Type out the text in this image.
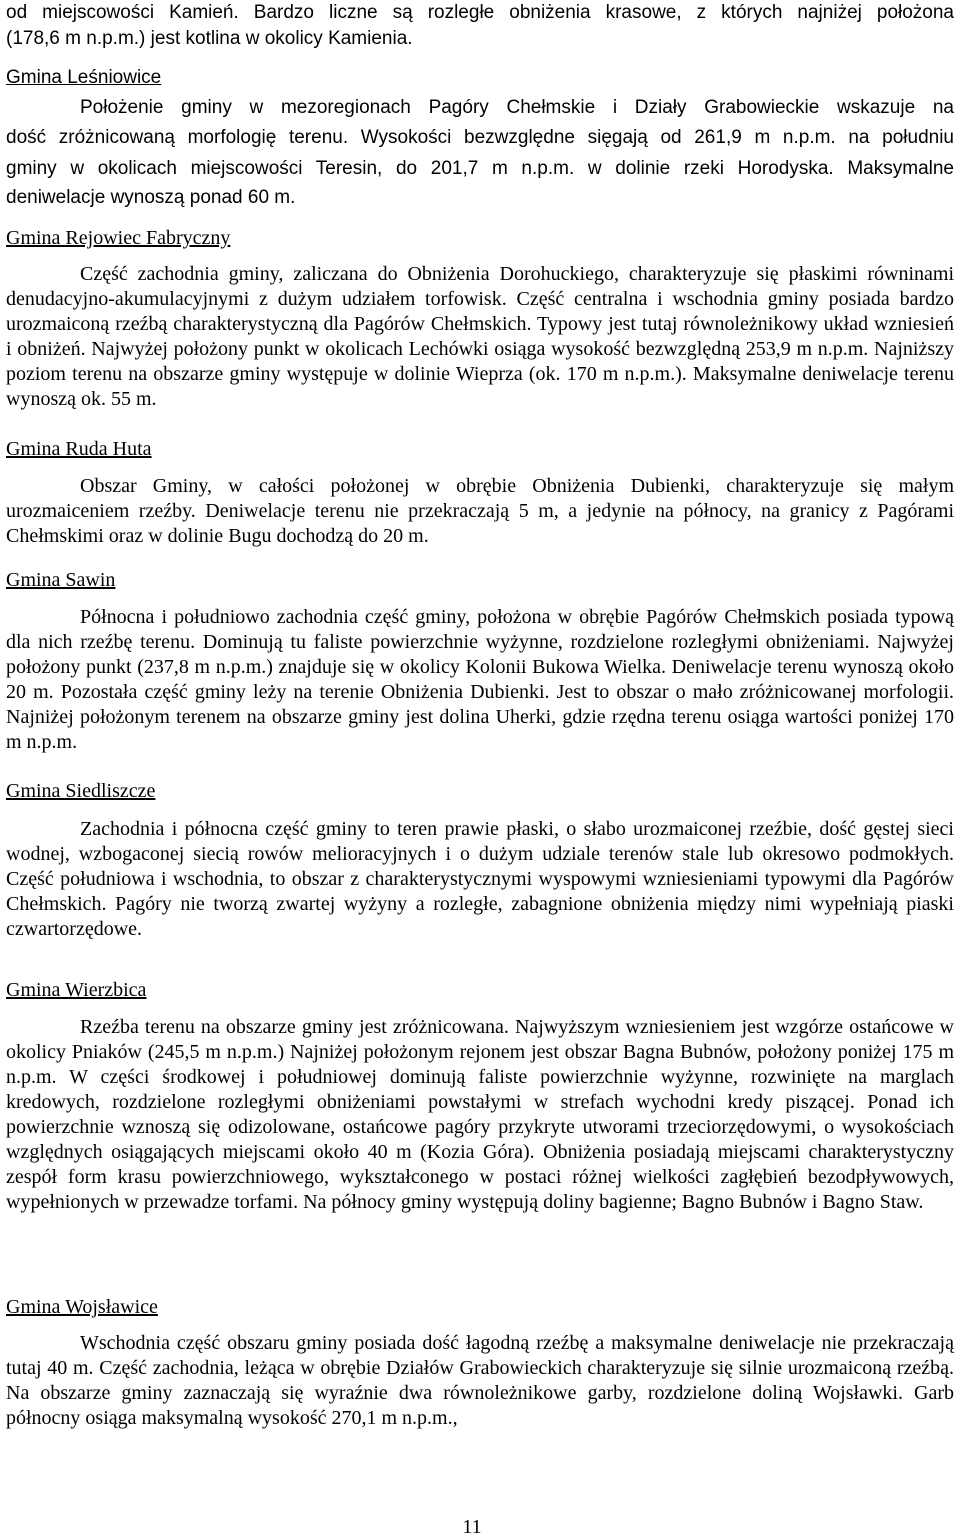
od miejscowości Kamień. Bardzo liczne są rozległe obniżenia krasowe, z których najniżej położona

(178,6 m n.p.m.) jest kotlina w okolicy Kamienia.

Gmina Leśniowice

Położenie gminy w mezoregionach Pagóry Chełmskie i Działy Grabowieckie wskazuje na

dość zróżnicowaną morfologię terenu. Wysokości bezwzględne sięgają od 261,9 m n.p.m. na południu

gminy w okolicach miejscowości Teresin, do 201,7 m n.p.m. w dolinie rzeki Horodyska. Maksymalne

deniwelacje wynoszą ponad 60 m.

Gmina Rejowiec Fabryczny

Część zachodnia gminy, zaliczana do Obniżenia Dorohuckiego, charakteryzuje się płaskimi równinami denudacyjno-akumulacyjnymi z dużym udziałem torfowisk. Część centralna i wschodnia gminy posiada bardzo urozmaiconą rzeźbą charakterystyczną dla Pagórów Chełmskich. Typowy jest tutaj równoleżnikowy układ wzniesień i obniżeń. Najwyżej położony punkt w okolicach Lechówki osiąga wysokość bezwzględną 253,9 m n.p.m. Najniższy poziom terenu na obszarze gminy występuje w dolinie Wieprza (ok. 170 m n.p.m.). Maksymalne deniwelacje terenu wynoszą ok. 55 m.

Gmina Ruda Huta

Obszar Gminy, w całości położonej w obrębie Obniżenia Dubienki, charakteryzuje się małym urozmaiceniem rzeźby. Deniwelacje terenu nie przekraczają 5 m, a jedynie na północy, na granicy z Pagórami Chełmskimi oraz w dolinie Bugu dochodzą do 20 m.

Gmina Sawin

Północna i południowo zachodnia część gminy, położona w obrębie Pagórów Chełmskich posiada typową dla nich rzeźbę terenu. Dominują tu faliste powierzchnie wyżynne, rozdzielone rozległymi obniżeniami. Najwyżej położony punkt (237,8 m n.p.m.) znajduje się w okolicy Kolonii Bukowa Wielka. Deniwelacje terenu wynoszą około 20 m. Pozostała część gminy leży na terenie Obniżenia Dubienki. Jest to obszar o mało zróżnicowanej morfologii. Najniżej położonym terenem na obszarze gminy jest dolina Uherki, gdzie rzędna terenu osiąga wartości poniżej 170 m n.p.m.

Gmina Siedliszcze

Zachodnia i północna część gminy to teren prawie płaski, o słabo urozmaiconej rzeźbie, dość gęstej sieci wodnej, wzbogaconej siecią rowów melioracyjnych i o dużym udziale terenów stale lub okresowo podmokłych. Część południowa i wschodnia, to obszar z charakterystycznymi wyspowymi wzniesieniami typowymi dla Pagórów Chełmskich. Pagóry nie tworzą zwartej wyżyny a rozległe, zabagnione obniżenia między nimi wypełniają piaski czwartorzędowe.

Gmina Wierzbica

Rzeźba terenu na obszarze gminy jest zróżnicowana. Najwyższym wzniesieniem jest wzgórze ostańcowe w okolicy Pniaków (245,5 m n.p.m.) Najniżej położonym rejonem jest obszar Bagna Bubnów, położony poniżej 175 m n.p.m. W części środkowej i południowej dominują faliste powierzchnie wyżynne, rozwinięte na marglach kredowych, rozdzielone rozległymi obniżeniami powstałymi w strefach wychodni kredy piszącej. Ponad ich powierzchnie wznoszą się odizolowane, ostańcowe pagóry przykryte utworami trzeciorzędowymi, o wysokościach względnych osiągających miejscami około 40 m (Kozia Góra). Obniżenia posiadają miejscami charakterystyczny zespół form krasu powierzchniowego, wykształconego w postaci różnej wielkości zagłębień bezodpływowych, wypełnionych w przewadze torfami. Na północy gminy występują doliny bagienne; Bagno Bubnów i Bagno Staw.

Gmina Wojsławice

Wschodnia część obszaru gminy posiada dość łagodną rzeźbę a maksymalne deniwelacje nie przekraczają tutaj 40 m. Część zachodnia, leżąca w obrębie Działów Grabowieckich charakteryzuje się silnie urozmaiconą rzeźbą. Na obszarze gminy zaznaczają się wyraźnie dwa równoleżnikowe garby, rozdzielone doliną Wojsławki. Garb północny osiąga maksymalną wysokość 270,1 m n.p.m.,

11
